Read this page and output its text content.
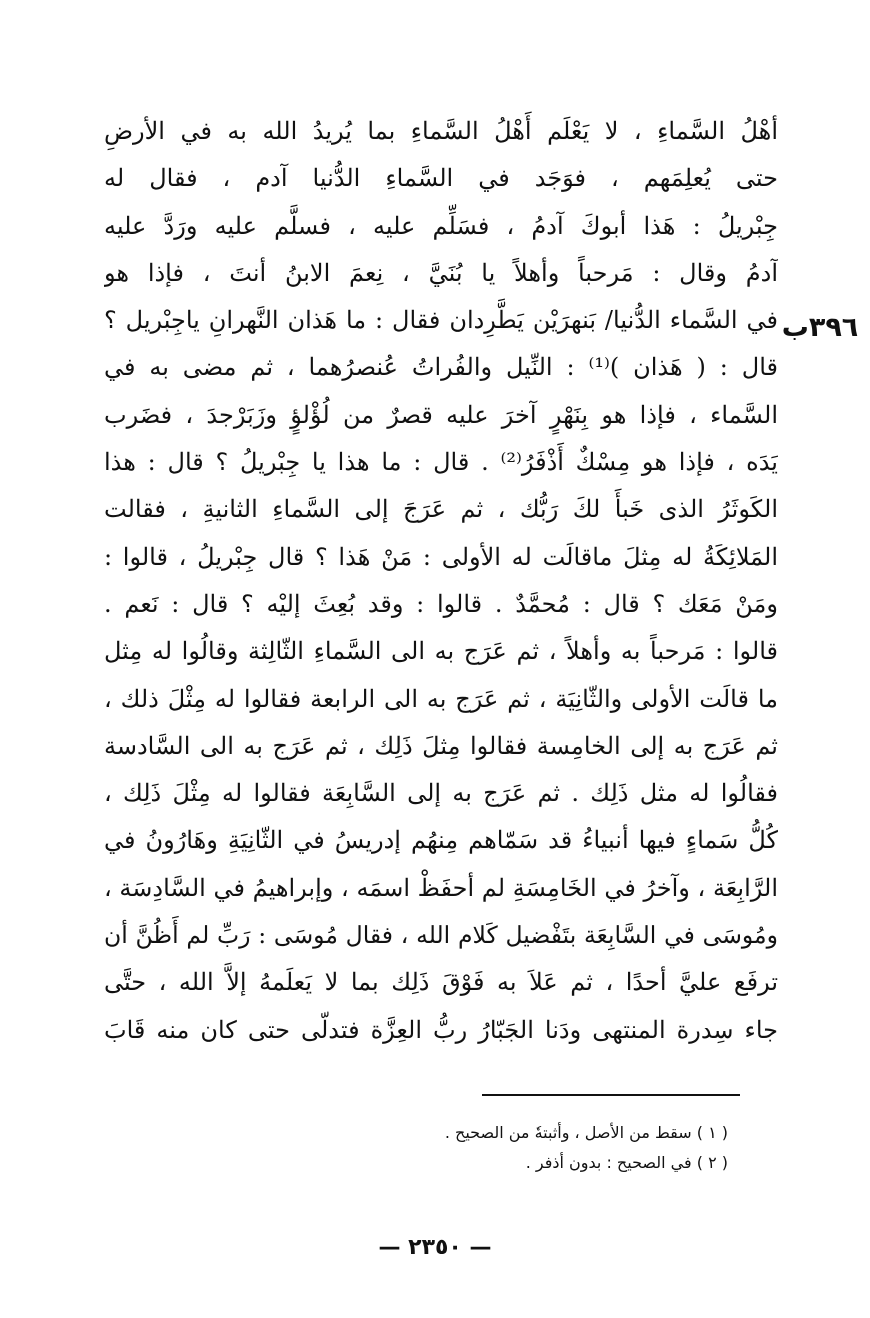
٣٩٦ب
أهْلُ السَّماءِ ، لا يَعْلَم أَهْلُ السَّماءِ بما يُريدُ الله به في الأرضِ
حتى يُعلِمَهم ، فوَجَد في السَّماءِ الدُّنيا آدم ، فقال له
جِبْريلُ : هَذا أبوكَ آدمُ ، فسَلِّم عليه ، فسلَّم عليه ورَدَّ عليه
آدمُ وقال : مَرحباً وأهلاً يا بُنَيَّ ، نِعمَ الابنُ أنتَ ، فإذا هو
في السَّماء الدُّنيا/ بَنهرَيْن يَطَّرِدان فقال : ما هَذان النَّهرانِ ياجِبْريل ؟
قال : ( هَذان )⁽¹⁾ : النِّيل والفُراتُ عُنصرُهما ، ثم مضى به في
السَّماء ، فإذا هو بِنَهْرٍ آخرَ عليه قصرٌ من لُؤْلؤٍ وزَبَرْجدَ ، فضَرب
يَدَه ، فإذا هو مِسْكٌ أَذْفَرُ⁽²⁾ . قال : ما هذا يا جِبْريلُ ؟ قال : هذا
الكَوثَرُ الذى خَبأَ لكَ رَبُّك ، ثم عَرَجَ إلى السَّماءِ الثانيةِ ، فقالت
المَلائِكَةُ له مِثلَ ماقالَت له الأولى : مَنْ هَذا ؟ قال جِبْريلُ ، قالوا :
ومَنْ مَعَك ؟ قال : مُحمَّدٌ . قالوا : وقد بُعِثَ إليْه ؟ قال : نَعم .
قالوا : مَرحباً به وأهلاً ، ثم عَرَج به الى السَّماءِ الثّالِثة وقالُوا له مِثل
ما قالَت الأولى والثّانِيَة ، ثم عَرَج به الى الرابعة فقالوا له مِثْلَ ذلك ،
ثم عَرَج به إلى الخامِسة فقالوا مِثلَ ذَلِك ، ثم عَرَج به الى السَّادسة
فقالُوا له مثل ذَلِك . ثم عَرَج به إلى السَّابِعَة فقالوا له مِثْلَ ذَلِك ،
كُلُّ سَماءٍ فيها أنبياءُ قد سَمّاهم مِنهُم إدريسُ في الثّانِيَةِ وهَارُونُ في
الرَّابِعَة ، وآخرُ في الخَامِسَةِ لم أحفَظْ اسمَه ، وإبراهيمُ في السَّادِسَة ،
ومُوسَى في السَّابِعَة بتَفْضيل كَلام الله ، فقال مُوسَى : رَبِّ لم أَظُنَّ أن
ترفَع عليَّ أحدًا ، ثم عَلاَ به فَوْقَ ذَلِك بما لا يَعلَمهُ إلاَّ الله ، حتَّى
جاء سِدرة المنتهى ودَنا الجَبّارُ ربُّ العِزَّة فتدلّى حتى كان منه قَابَ
( ١ ) سقط من الأصل ، وأثبتهٗ من الصحيح .
( ٢ ) في الصحيح : بدون أذفر .
— ٢٣٥٠ —
